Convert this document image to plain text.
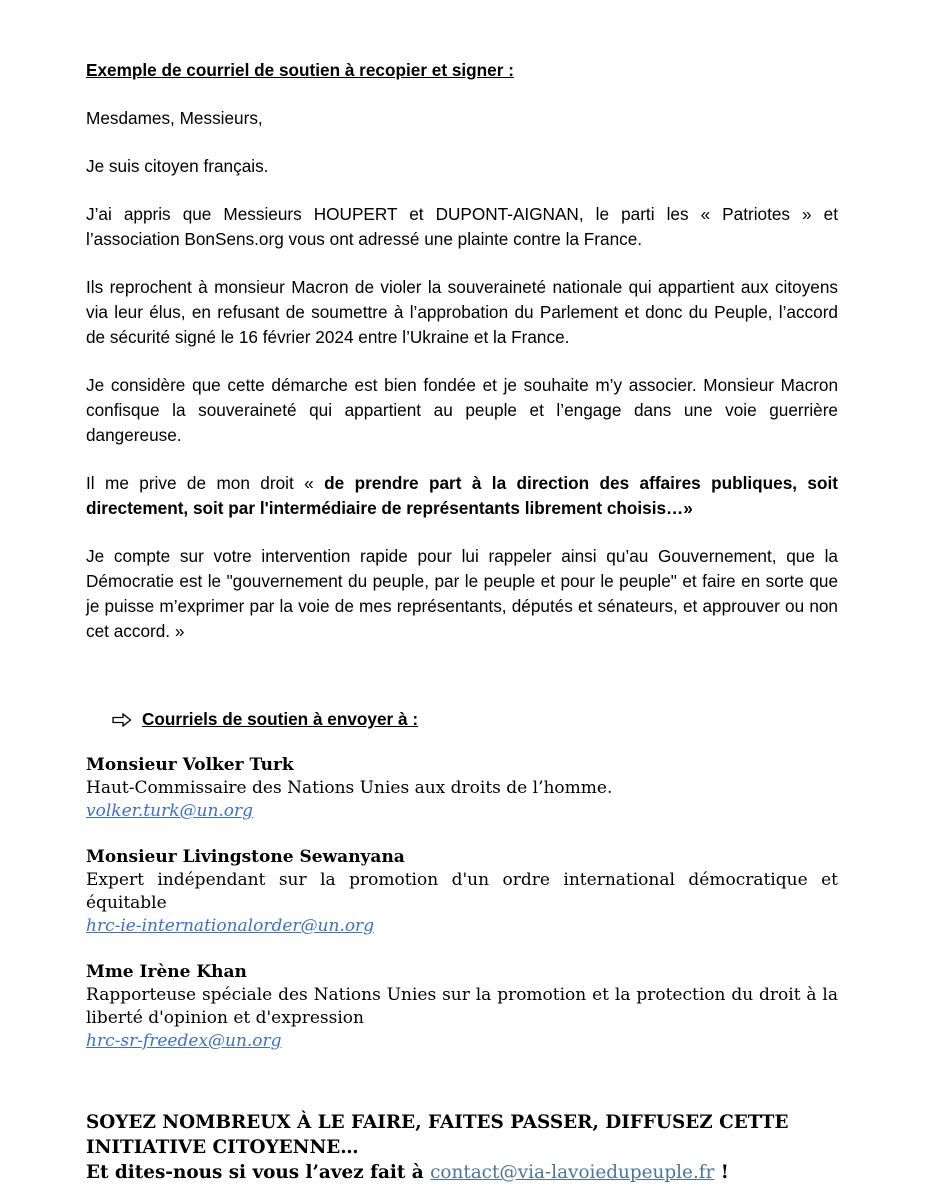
Exemple de courriel de soutien à recopier et signer :

Mesdames, Messieurs,

Je suis citoyen français.

J’ai appris que Messieurs HOUPERT et DUPONT-AIGNAN, le parti les « Patriotes » et l’association BonSens.org vous ont adressé une plainte contre la France.

Ils reprochent à monsieur Macron de violer la souveraineté nationale qui appartient aux citoyens via leur élus, en refusant de soumettre à l’approbation du Parlement et donc du Peuple, l’accord de sécurité signé le 16 février 2024 entre l’Ukraine et la France.

Je considère que cette démarche est bien fondée et je souhaite m’y associer. Monsieur Macron confisque la souveraineté qui appartient au peuple et l’engage dans une voie guerrière dangereuse.

Il me prive de mon droit « de prendre part à la direction des affaires publiques, soit directement, soit par l'intermédiaire de représentants librement choisis…»

Je compte sur votre intervention rapide pour lui rappeler ainsi qu’au Gouvernement, que la Démocratie est le "gouvernement du peuple, par le peuple et pour le peuple" et faire en sorte que je puisse m’exprimer par la voie de mes représentants, députés et sénateurs, et approuver ou non cet accord. »

Courriels de soutien à envoyer à :
Monsieur Volker Turk
Haut-Commissaire des Nations Unies aux droits de l’homme.
volker.turk@un.org
Monsieur Livingstone Sewanyana
Expert indépendant sur la promotion d'un ordre international démocratique et équitable
hrc-ie-internationalorder@un.org
Mme Irène Khan
Rapporteuse spéciale des Nations Unies sur la promotion et la protection du droit à la liberté d'opinion et d'expression
hrc-sr-freedex@un.org
SOYEZ NOMBREUX À LE FAIRE, FAITES PASSER, DIFFUSEZ CETTE INITIATIVE CITOYENNE…
Et dites-nous si vous l’avez fait à contact@via-lavoiedupeuple.fr !
